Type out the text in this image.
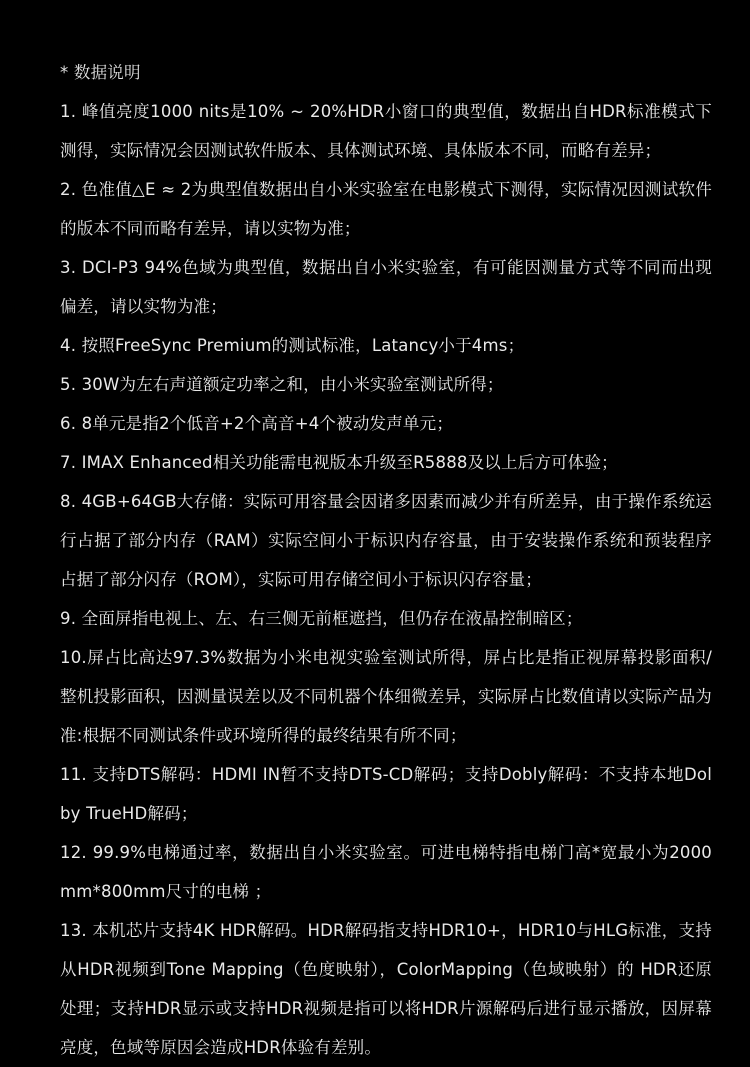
* 数据说明
1. 峰值亮度1000 nits是10% ~ 20%HDR小窗口的典型值，数据出自HDR标准模式下测得，实际情况会因测试软件版本、具体测试环境、具体版本不同，而略有差异；
2. 色准值△E ≈ 2为典型值数据出自小米实验室在电影模式下测得，实际情况因测试软件的版本不同而略有差异，请以实物为准；
3. DCI-P3 94%色域为典型值，数据出自小米实验室，有可能因测量方式等不同而出现偏差，请以实物为准；
4. 按照FreeSync Premium的测试标准，Latancy小于4ms；
5. 30W为左右声道额定功率之和，由小米实验室测试所得；
6. 8单元是指2个低音+2个高音+4个被动发声单元；
7. IMAX Enhanced相关功能需电视版本升级至R5888及以上后方可体验；
8. 4GB+64GB大存储：实际可用容量会因诸多因素而减少并有所差异，由于操作系统运行占据了部分内存（RAM）实际空间小于标识内存容量，由于安装操作系统和预装程序占据了部分闪存（ROM），实际可用存储空间小于标识闪存容量；
9. 全面屏指电视上、左、右三侧无前框遮挡，但仍存在液晶控制暗区；
10.屏占比高达97.3%数据为小米电视实验室测试所得，屏占比是指正视屏幕投影面积/整机投影面积，因测量误差以及不同机器个体细微差异，实际屏占比数值请以实际产品为准:根据不同测试条件或环境所得的最终结果有所不同；
11. 支持DTS解码：HDMI IN暂不支持DTS-CD解码；支持Dobly解码：不支持本地Dolby TrueHD解码；
12. 99.9%电梯通过率，数据出自小米实验室。可进电梯特指电梯门高*宽最小为2000mm*800mm尺寸的电梯 ；
13. 本机芯片支持4K HDR解码。HDR解码指支持HDR10+，HDR10与HLG标准，支持从HDR视频到Tone Mapping（色度映射），ColorMapping（色域映射）的 HDR还原处理；支持HDR显示或支持HDR视频是指可以将HDR片源解码后进行显示播放，因屏幕亮度，色域等原因会造成HDR体验有差别。
